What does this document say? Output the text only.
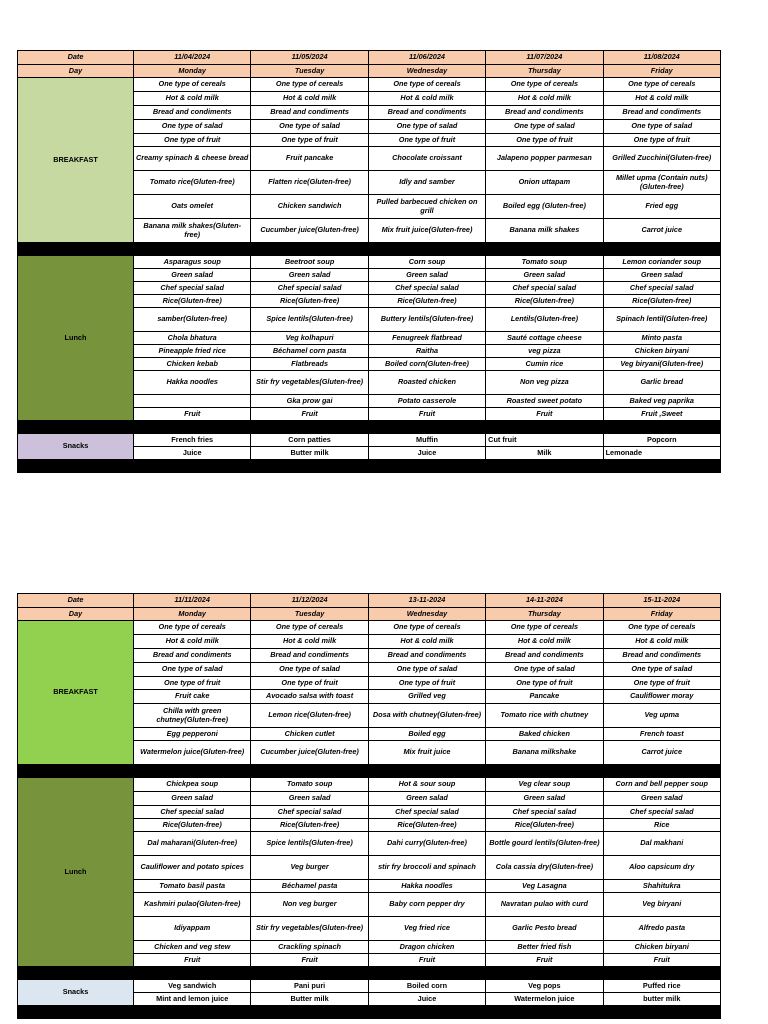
Date	11/04/2024	11/05/2024	11/06/2024	11/07/2024	11/08/2024
Day	Monday	Tuesday	Wednesday	Thursday	Friday
BREAKFAST	One type of cereals	One type of cereals	One type of cereals	One type of cereals	One type of cereals
	Hot & cold milk	Hot & cold milk	Hot & cold milk	Hot & cold milk	Hot & cold milk
	Bread and condiments	Bread and condiments	Bread and condiments	Bread and condiments	Bread and condiments
	One type of salad	One type of salad	One type of salad	One type of salad	One type of salad
	One type of fruit	One type of fruit	One type of fruit	One type of fruit	One type of fruit
	Creamy spinach & cheese bread	Fruit pancake	Chocolate croissant	Jalapeno popper parmesan	Grilled Zucchini(Gluten-free)
	Tomato rice(Gluten-free)	Flatten rice(Gluten-free)	Idly and samber	Onion uttapam	Millet upma (Contain nuts)(Gluten-free)
	Oats omelet	Chicken sandwich	Pulled barbecued chicken on grill	Boiled egg (Gluten-free)	Fried egg
	Banana milk shakes(Gluten-free)	Cucumber juice(Gluten-free)	Mix fruit juice(Gluten-free)	Banana milk shakes	Carrot juice

Lunch	Asparagus soup	Beetroot soup	Corn soup	Tomato soup	Lemon coriander soup
	Green salad	Green salad	Green salad	Green salad	Green salad
	Chef special salad	Chef special salad	Chef special salad	Chef special salad	Chef special salad
	Rice(Gluten-free)	Rice(Gluten-free)	Rice(Gluten-free)	Rice(Gluten-free)	Rice(Gluten-free)
	samber(Gluten-free)	Spice lentils(Gluten-free)	Buttery lentils(Gluten-free)	Lentils(Gluten-free)	Spinach lentil(Gluten-free)
	Chola bhatura	Veg kolhapuri	Fenugreek flatbread	Sauté cottage cheese	Minto pasta
	Pineapple fried rice	Béchamel corn pasta	Raitha	veg pizza	Chicken biryani
	Chicken kebab	Flatbreads	Boiled corn(Gluten-free)	Cumin rice	Veg biryani(Gluten-free)
	Hakka noodles	Stir fry vegetables(Gluten-free)	Roasted chicken	Non veg pizza	Garlic bread
		Gka prow gai	Potato casserole	Roasted sweet potato	Baked veg paprika
	Fruit	Fruit	Fruit	Fruit	Fruit ,Sweet

Snacks	French fries	Corn patties	Muffin	Cut fruit	Popcorn
	Juice	Butter milk	Juice	Milk	Lemonade

Date	11/11/2024	11/12/2024	13-11-2024	14-11-2024	15-11-2024
Day	Monday	Tuesday	Wednesday	Thursday	Friday
BREAKFAST	One type of cereals	One type of cereals	One type of cereals	One type of cereals	One type of cereals
	Hot & cold milk	Hot & cold milk	Hot & cold milk	Hot & cold milk	Hot & cold milk
	Bread and condiments	Bread and condiments	Bread and condiments	Bread and condiments	Bread and condiments
	One type of salad	One type of salad	One type of salad	One type of salad	One type of salad
	One type of fruit	One type of fruit	One type of fruit	One type of fruit	One type of fruit
	Fruit cake	Avocado salsa with toast	Grilled veg	Pancake	Cauliflower moray
	Chilla with green chutney(Gluten-free)	Lemon rice(Gluten-free)	Dosa with chutney(Gluten-free)	Tomato rice with chutney	Veg upma
	Egg pepperoni	Chicken cutlet	Boiled egg	Baked chicken	French toast
	Watermelon juice(Gluten-free)	Cucumber juice(Gluten-free)	Mix fruit juice	Banana milkshake	Carrot juice

Lunch	Chickpea soup	Tomato soup	Hot & sour soup	Veg clear soup	Corn and bell pepper soup
	Green salad	Green salad	Green salad	Green salad	Green salad
	Chef special salad	Chef special salad	Chef special salad	Chef special salad	Chef special salad
	Rice(Gluten-free)	Rice(Gluten-free)	Rice(Gluten-free)	Rice(Gluten-free)	Rice
	Dal maharani(Gluten-free)	Spice lentils(Gluten-free)	Dahi curry(Gluten-free)	Bottle gourd lentils(Gluten-free)	Dal makhani
	Cauliflower and potato spices	Veg burger	stir fry broccoli and spinach	Cola cassia dry(Gluten-free)	Aloo capsicum dry
	Tomato basil pasta	Béchamel pasta	Hakka noodles	Veg Lasagna	Shahitukra
	Kashmiri pulao(Gluten-free)	Non veg burger	Baby corn pepper dry	Navratan pulao with curd	Veg biryani
	Idiyappam	Stir fry vegetables(Gluten-free)	Veg fried rice	Garlic Pesto bread	Alfredo pasta
	Chicken and veg stew	Crackling spinach	Dragon chicken	Better fried fish	Chicken biryani
	Fruit	Fruit	Fruit	Fruit	Fruit

Snacks	Veg sandwich	Pani puri	Boiled corn	Veg pops	Puffed rice
	Mint and lemon juice	Butter milk	Juice	Watermelon juice	butter milk
